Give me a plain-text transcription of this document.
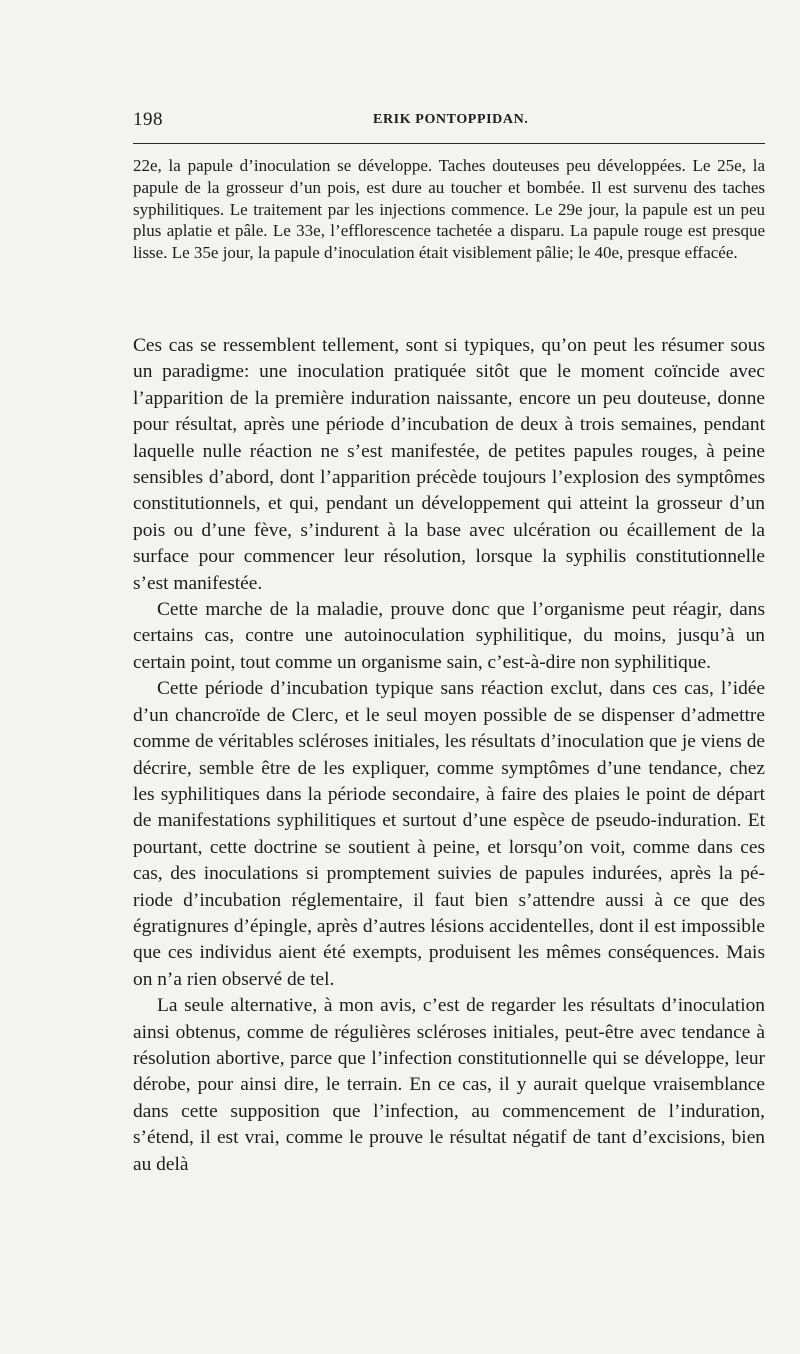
198	ERIK PONTOPPIDAN.

22e, la papule d’inoculation se développe. Taches douteuses peu développées. Le 25e, la papule de la grosseur d’un pois, est dure au toucher et bombée. Il est survenu des taches syphilitiques. Le traitement par les injections commence. Le 29e jour, la papule est un peu plus aplatie et pâle. Le 33e, l’efflorescence tachetée a disparu. La papule rouge est presque lisse. Le 35e jour, la papule d’inoculation était visiblement pâlie; le 40e, presque effacée.

Ces cas se ressemblent tellement, sont si typiques, qu’on peut les résumer sous un paradigme: une inoculation pratiquée sitôt que le moment coïncide avec l’apparition de la première induration naissante, encore un peu douteuse, donne pour résultat, après une période d’incubation de deux à trois semaines, pendant laquelle nulle réaction ne s’est manifestée, de petites papules rouges, à peine sensibles d’abord, dont l’apparition précède toujours l’explosion des symptômes constitutionnels, et qui, pendant un développement qui atteint la grosseur d’un pois ou d’une fève, s’indurent à la base avec ulcération ou écaillement de la surface pour commencer leur résolution, lorsque la syphilis constitutionnelle s’est manifestée.

Cette marche de la maladie, prouve donc que l’organisme peut réagir, dans certains cas, contre une autoinoculation syphilitique, du moins, jusqu’à un certain point, tout comme un organisme sain, c’est-à-dire non syphilitique.

Cette période d’incubation typique sans réaction exclut, dans ces cas, l’idée d’un chancroïde de Clerc, et le seul moyen possible de se dispenser d’admettre comme de véritables scléroses initiales, les résultats d’inoculation que je viens de décrire, semble être de les expliquer, comme symptômes d’une tendance, chez les syphilitiques dans la période secondaire, à faire des plaies le point de départ de manifestations syphilitiques et surtout d’une espèce de pseudo-induration. Et pourtant, cette doctrine se soutient à peine, et lorsqu’on voit, comme dans ces cas, des inoculations si promptement suivies de papules indurées, après la période d’incubation réglementaire, il faut bien s’attendre aussi à ce que des égratignures d’épingle, après d’autres lésions accidentelles, dont il est impossible que ces individus aient été exempts, produisent les mêmes conséquences. Mais on n’a rien observé de tel.

La seule alternative, à mon avis, c’est de regarder les résultats d’inoculation ainsi obtenus, comme de régulières scléroses initiales, peut-être avec tendance à résolution abortive, parce que l’infection constitutionnelle qui se développe, leur dérobe, pour ainsi dire, le terrain. En ce cas, il y aurait quelque vraisemblance dans cette supposition que l’infection, au commencement de l’induration, s’étend, il est vrai, comme le prouve le résultat négatif de tant d’excisions, bien au delà
